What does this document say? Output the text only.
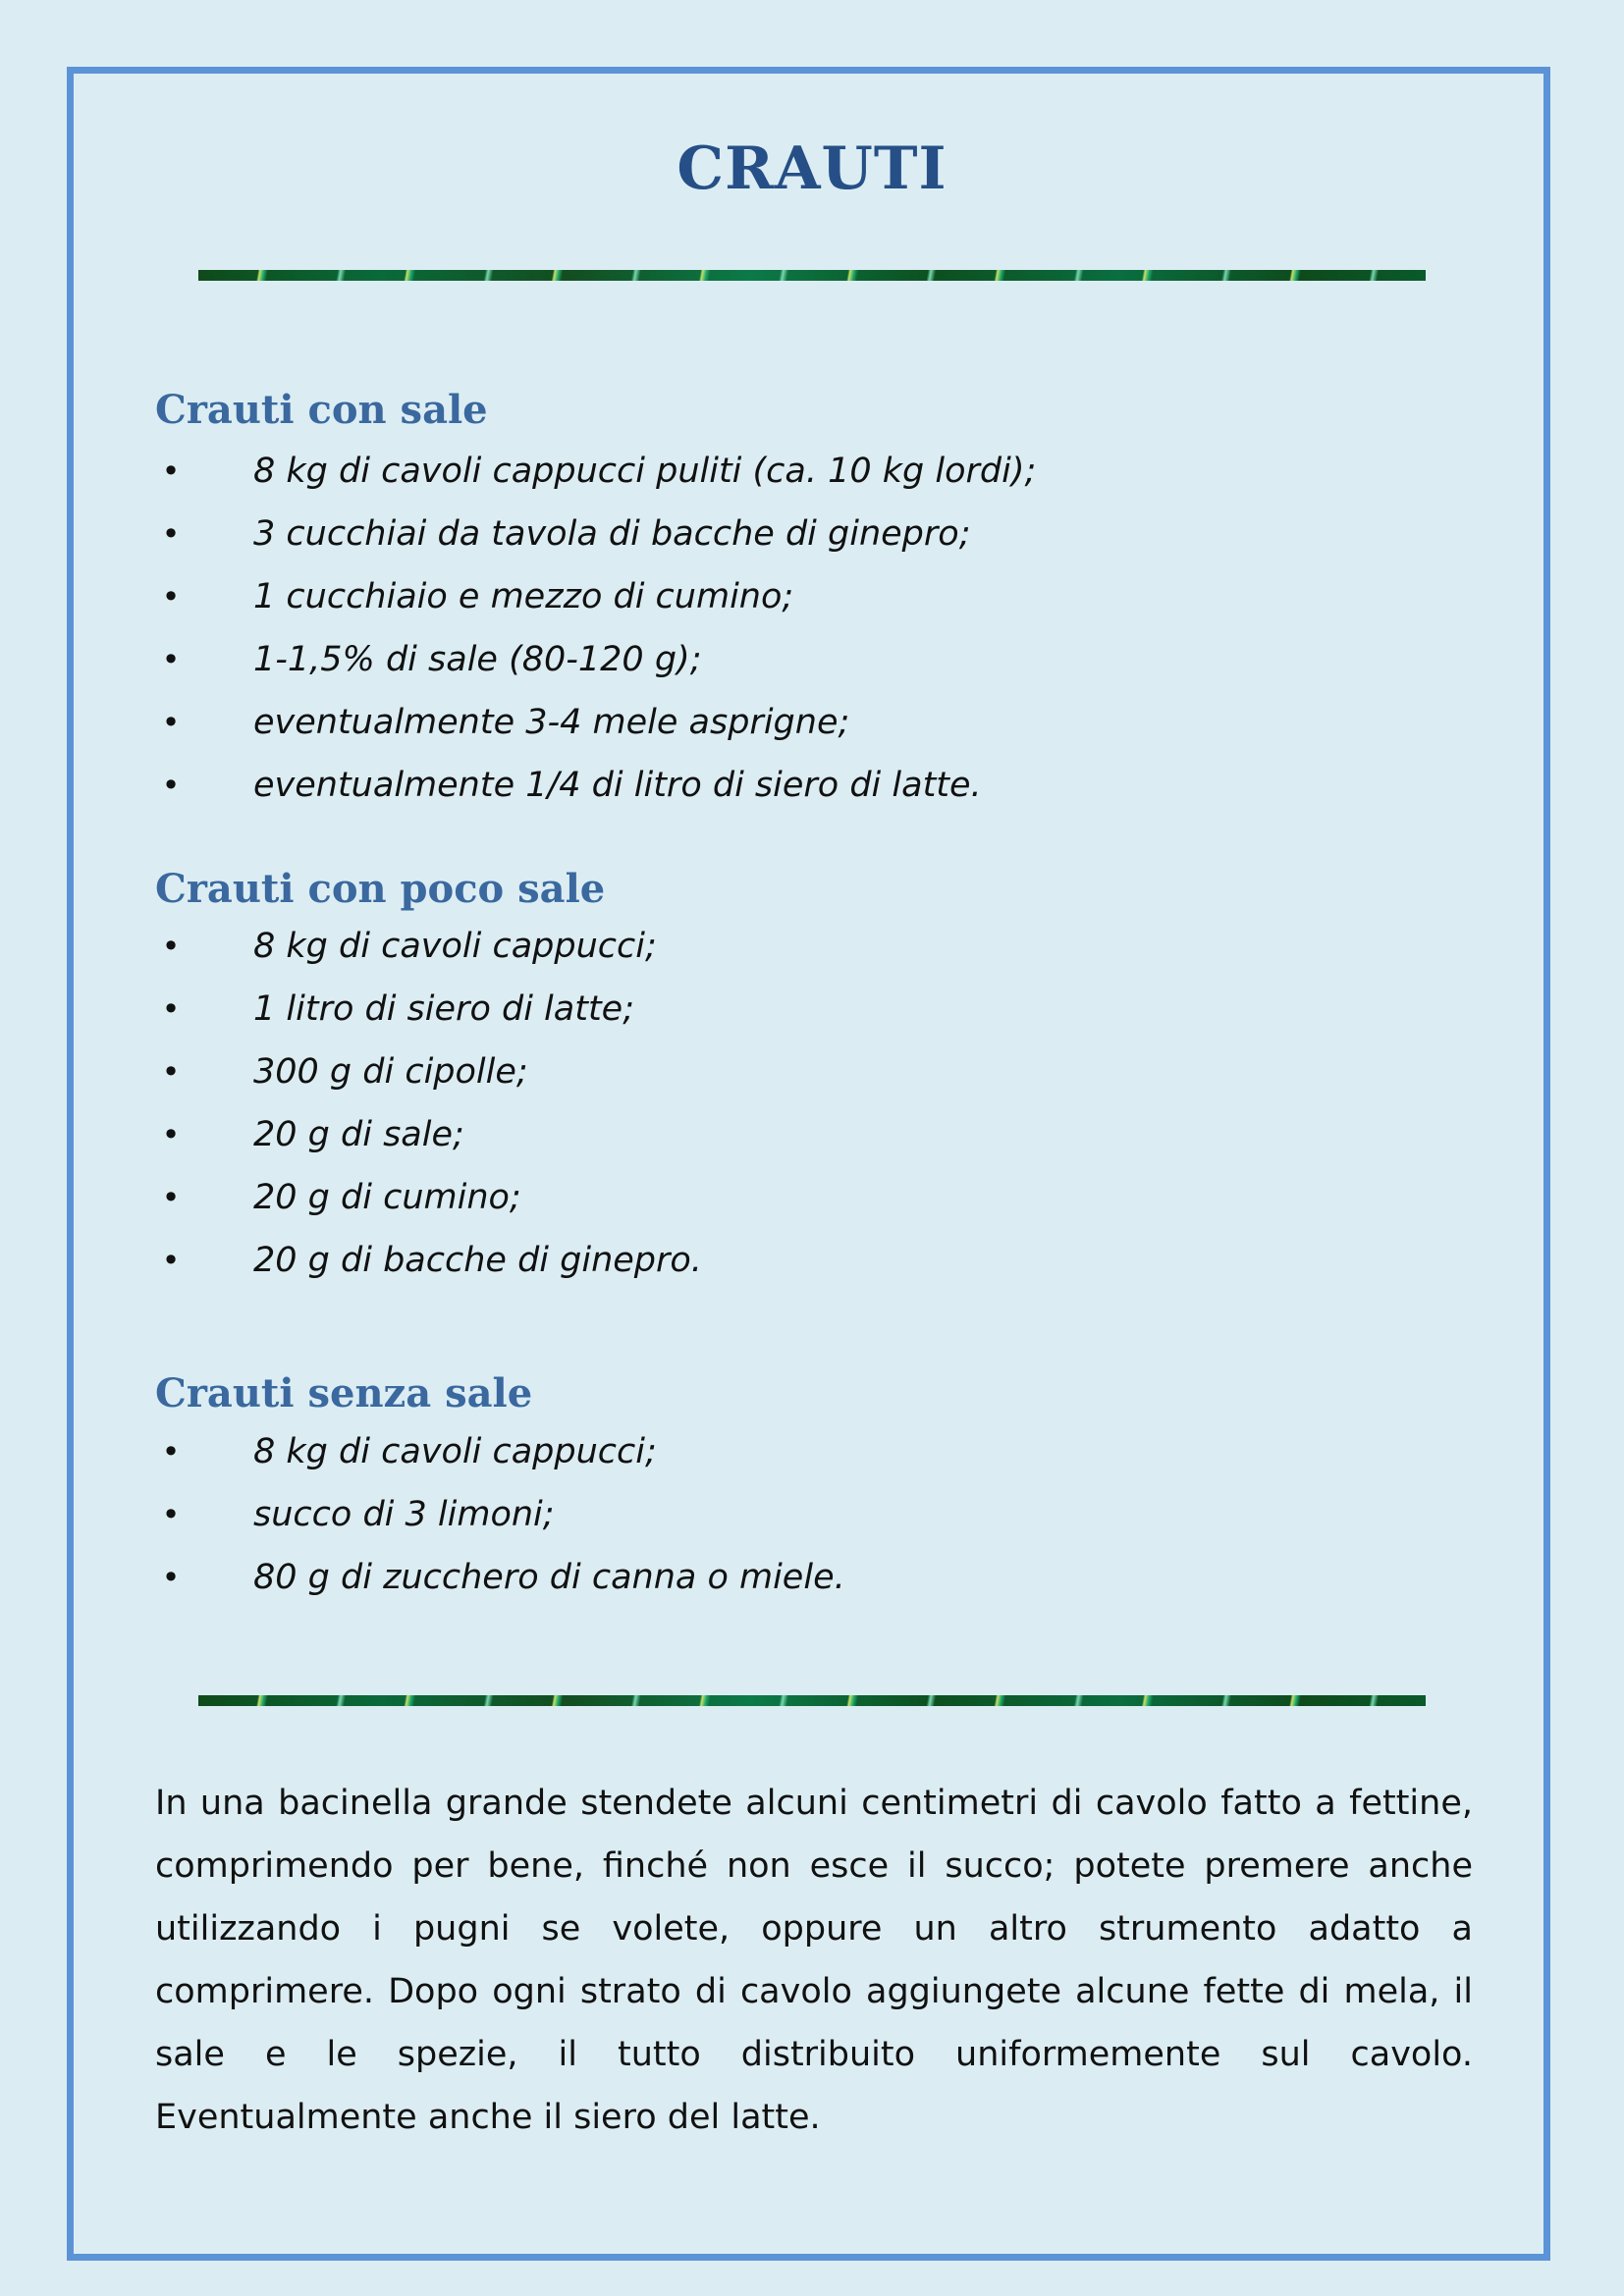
CRAUTI
Crauti con sale
• 8 kg di cavoli cappucci puliti (ca. 10 kg lordi);
• 3 cucchiai da tavola di bacche di ginepro;
• 1 cucchiaio e mezzo di cumino;
• 1-1,5% di sale (80-120 g);
• eventualmente 3-4 mele asprigne;
• eventualmente 1/4 di litro di siero di latte.
Crauti con poco sale
• 8 kg di cavoli cappucci;
• 1 litro di siero di latte;
• 300 g di cipolle;
• 20 g di sale;
• 20 g di cumino;
• 20 g di bacche di ginepro.
Crauti senza sale
• 8 kg di cavoli cappucci;
• succo di 3 limoni;
• 80 g di zucchero di canna o miele.

In una bacinella grande stendete alcuni centimetri di cavolo fatto a fettine, comprimendo per bene, finché non esce il succo; potete premere anche utilizzando i pugni se volete, oppure un altro strumento adatto a comprimere. Dopo ogni strato di cavolo aggiungete alcune fette di mela, il sale e le spezie, il tutto distribuito uniformemente sul cavolo. Eventualmente anche il siero del latte.
